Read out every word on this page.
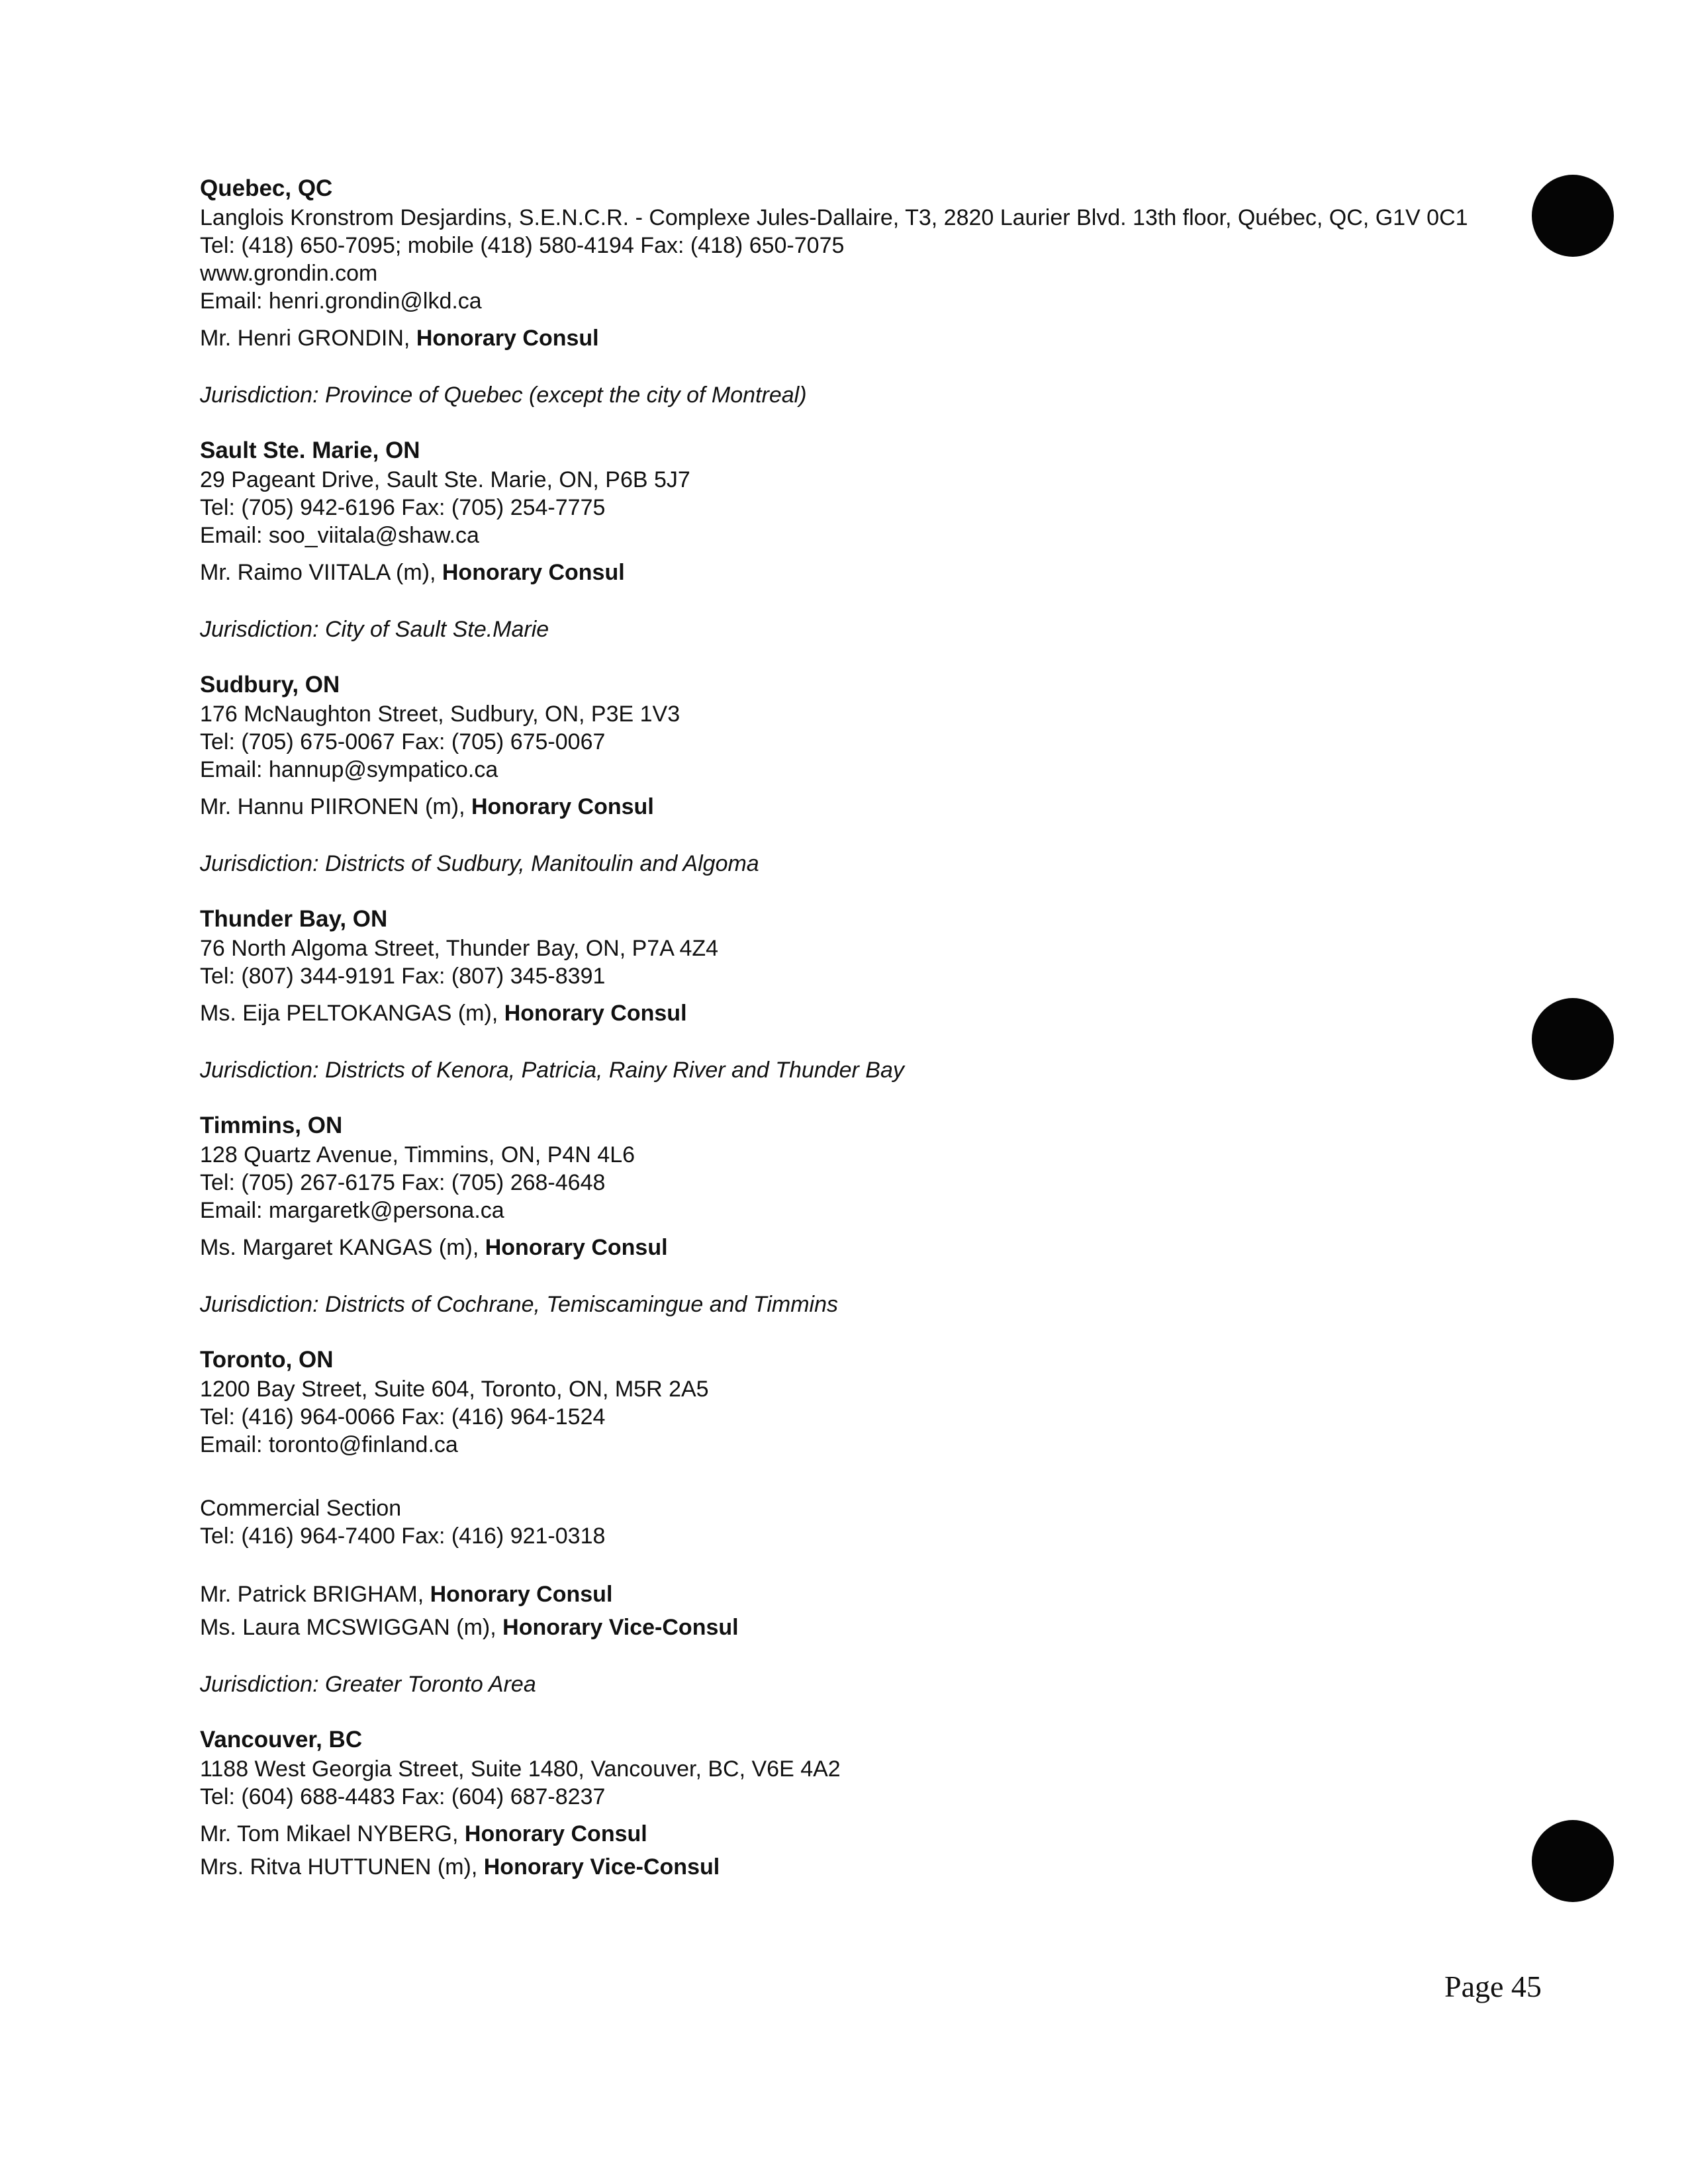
Quebec, QC
Langlois Kronstrom Desjardins, S.E.N.C.R. - Complexe Jules-Dallaire, T3, 2820 Laurier Blvd. 13th floor, Québec, QC, G1V 0C1
Tel: (418) 650-7095; mobile (418) 580-4194 Fax: (418) 650-7075
www.grondin.com
Email: henri.grondin@lkd.ca
Mr. Henri GRONDIN, Honorary Consul
Jurisdiction: Province of Quebec (except the city of Montreal)
Sault Ste. Marie, ON
29 Pageant Drive, Sault Ste. Marie, ON, P6B 5J7
Tel: (705) 942-6196 Fax: (705) 254-7775
Email: soo_viitala@shaw.ca
Mr. Raimo VIITALA (m), Honorary Consul
Jurisdiction: City of Sault Ste.Marie
Sudbury, ON
176 McNaughton Street, Sudbury, ON, P3E 1V3
Tel: (705) 675-0067 Fax: (705) 675-0067
Email: hannup@sympatico.ca
Mr. Hannu PIIRONEN (m), Honorary Consul
Jurisdiction: Districts of Sudbury, Manitoulin and Algoma
Thunder Bay, ON
76 North Algoma Street, Thunder Bay, ON, P7A 4Z4
Tel: (807) 344-9191 Fax: (807) 345-8391
Ms. Eija PELTOKANGAS (m), Honorary Consul
Jurisdiction: Districts of Kenora, Patricia, Rainy River and Thunder Bay
Timmins, ON
128 Quartz Avenue, Timmins, ON, P4N 4L6
Tel: (705) 267-6175 Fax: (705) 268-4648
Email: margaretk@persona.ca
Ms. Margaret KANGAS (m), Honorary Consul
Jurisdiction: Districts of Cochrane, Temiscamingue and Timmins
Toronto, ON
1200 Bay Street, Suite 604, Toronto, ON, M5R 2A5
Tel: (416) 964-0066 Fax: (416) 964-1524
Email: toronto@finland.ca
Commercial Section
Tel: (416) 964-7400 Fax: (416) 921-0318
Mr. Patrick BRIGHAM, Honorary Consul
Ms. Laura MCSWIGGAN (m), Honorary Vice-Consul
Jurisdiction: Greater Toronto Area
Vancouver, BC
1188 West Georgia Street, Suite 1480, Vancouver, BC, V6E 4A2
Tel: (604) 688-4483 Fax: (604) 687-8237
Mr. Tom Mikael NYBERG, Honorary Consul
Mrs. Ritva HUTTUNEN (m), Honorary Vice-Consul
Page 45
